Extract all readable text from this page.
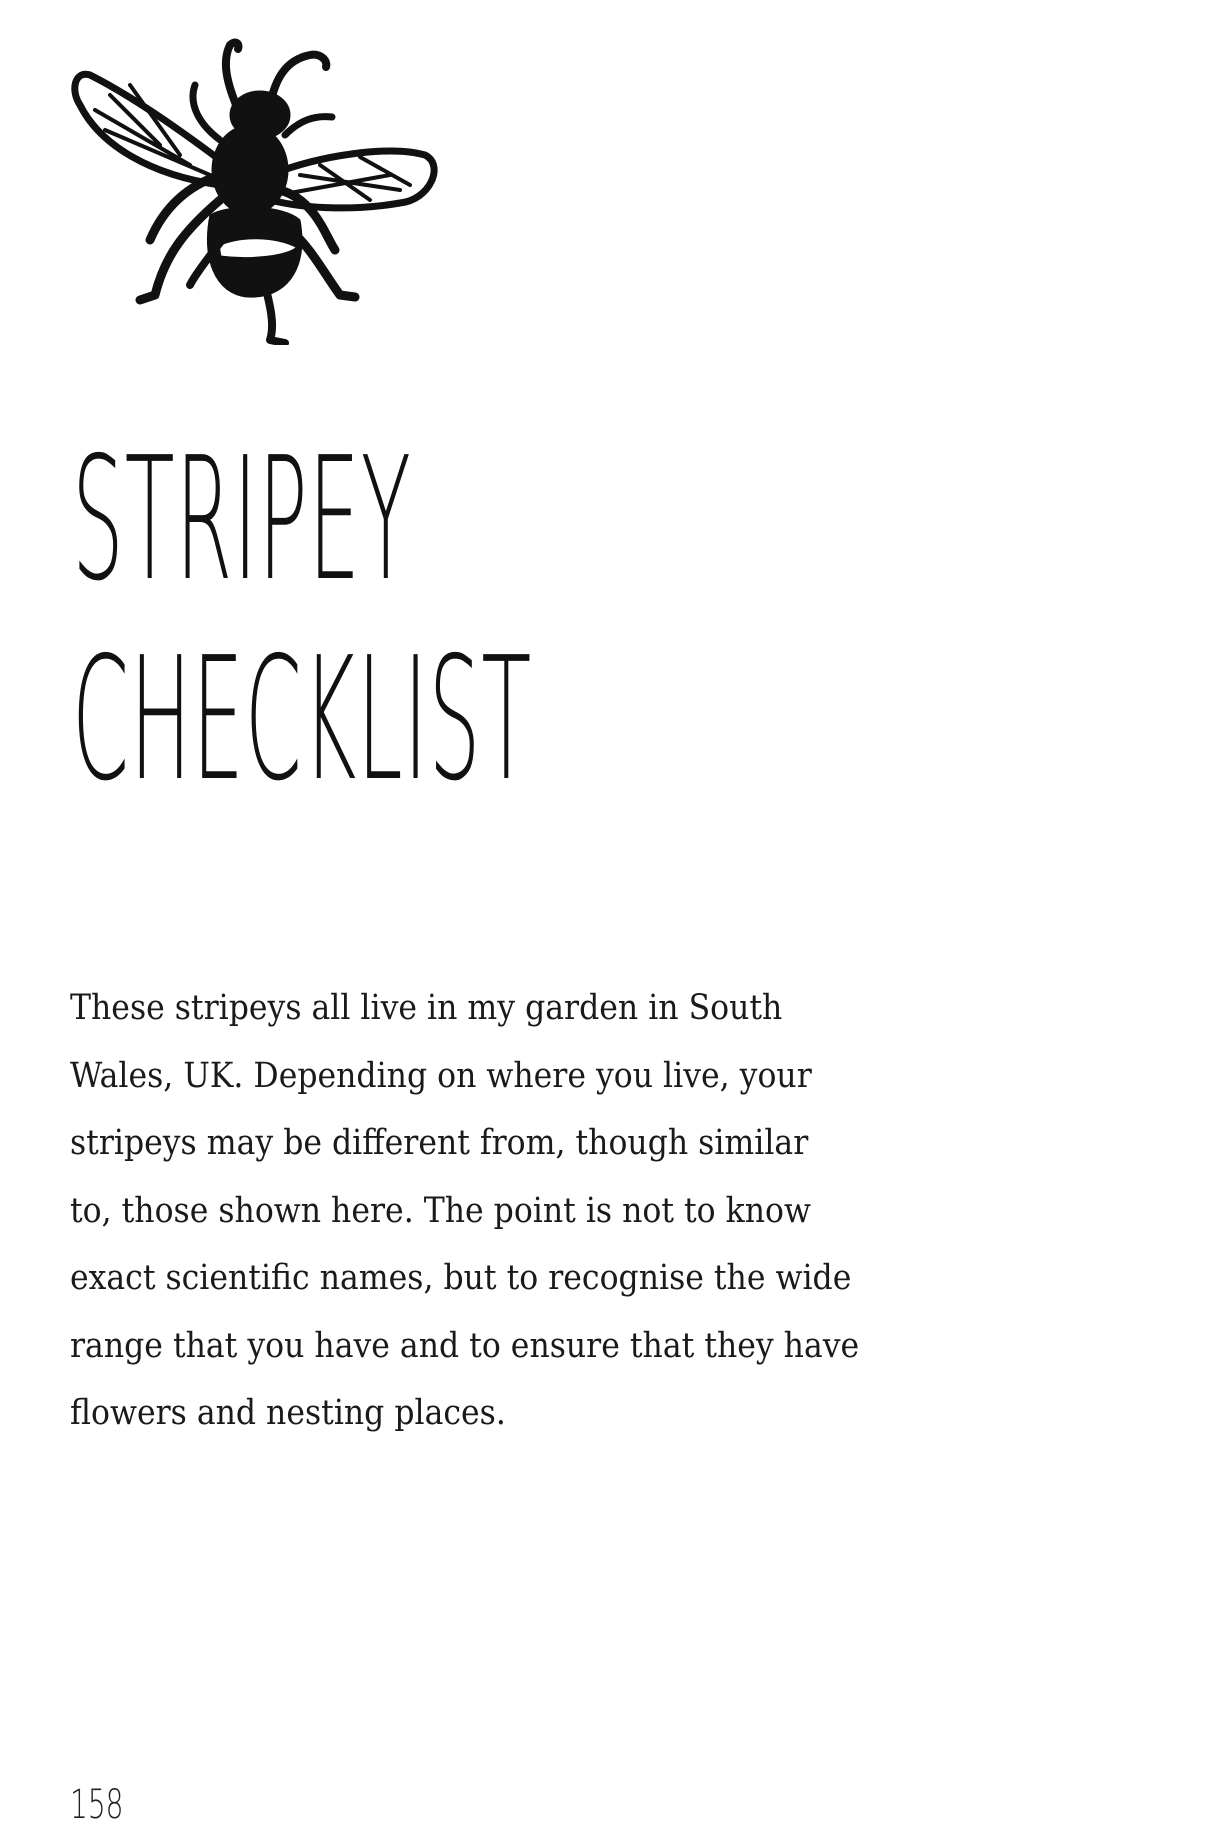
STRIPEY
CHECKLIST

These stripeys all live in my garden in South
Wales, UK. Depending on where you live, your
stripeys may be different from, though similar
to, those shown here. The point is not to know
exact scientific names, but to recognise the wide
range that you have and to ensure that they have
flowers and nesting places.

158
